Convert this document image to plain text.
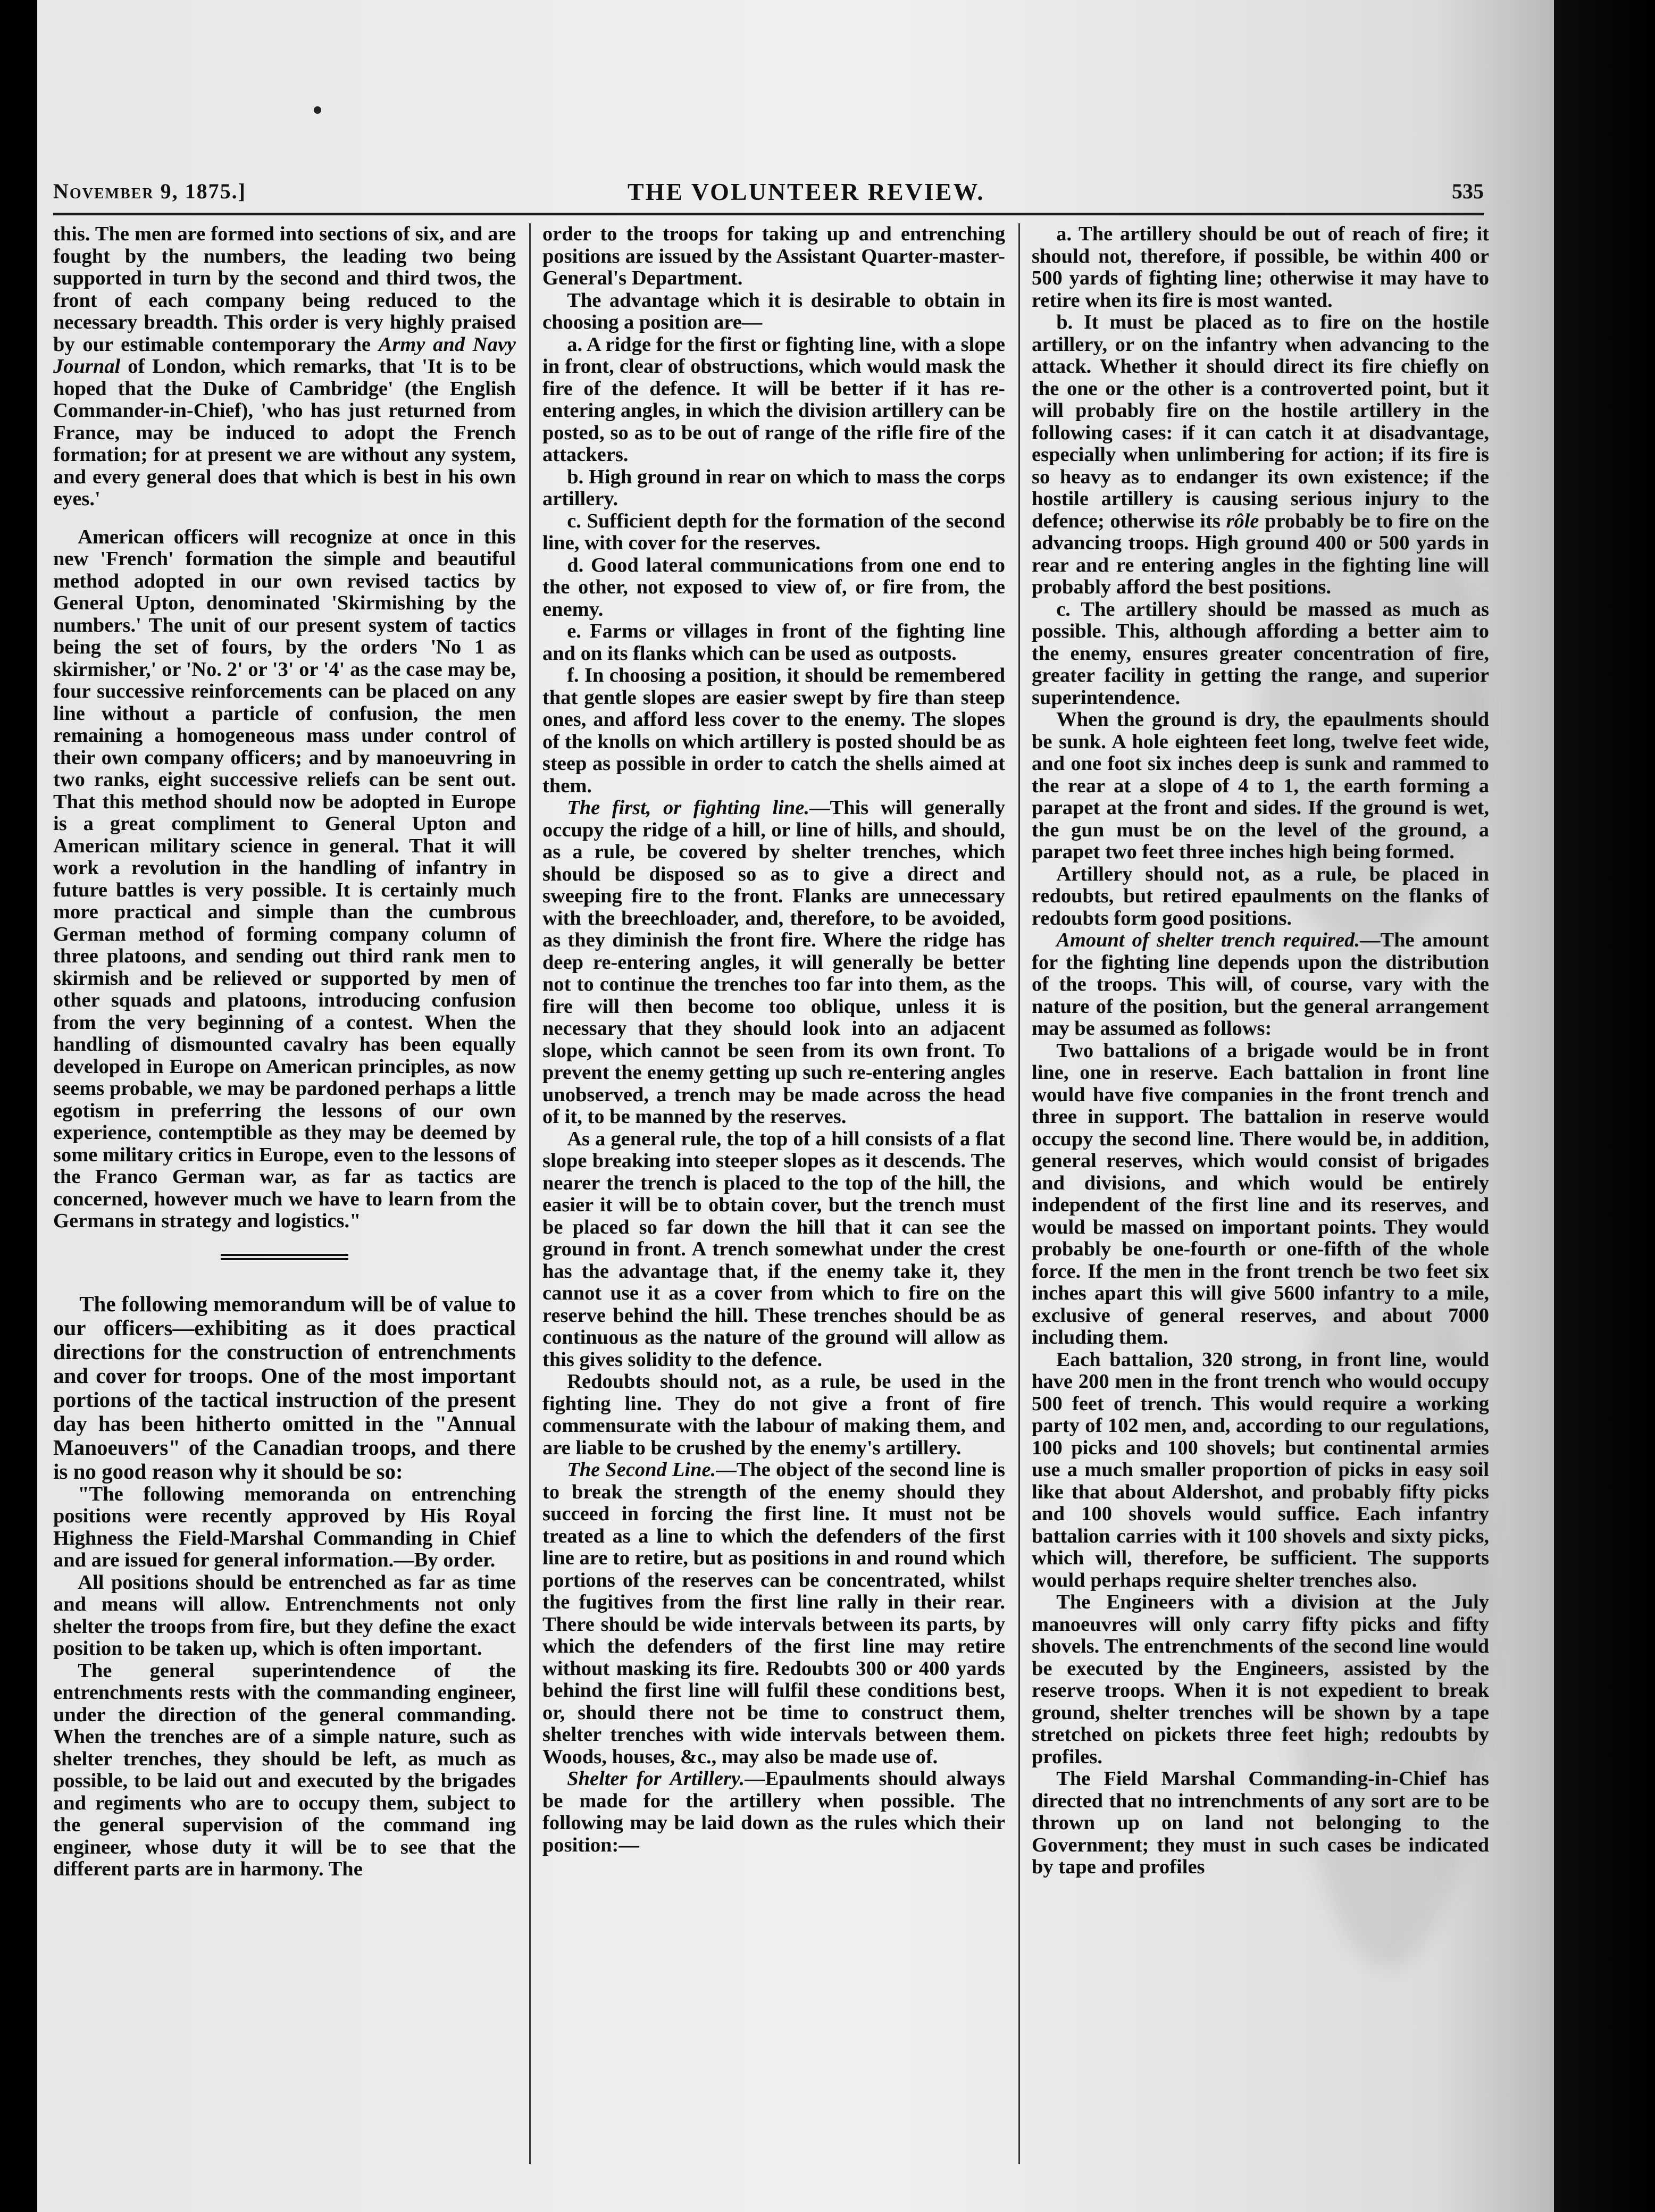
November 9, 1875.]	THE VOLUNTEER REVIEW.	535

this. The men are formed into sections of six, and are fought by the numbers, the leading two being supported in turn by the second and third twos, the front of each company being reduced to the necessary breadth. This order is very highly praised by our estimable contemporary the Army and Navy Journal of London, which remarks, that 'It is to be hoped that the Duke of Cambridge' (the English Commander-in-Chief), 'who has just returned from France, may be induced to adopt the French formation; for at present we are without any system, and every general does that which is best in his own eyes.'

American officers will recognize at once in this new 'French' formation the simple and beautiful method adopted in our own revised tactics by General Upton, denominated 'Skirmishing by the numbers.' The unit of our present system of tactics being the set of fours, by the orders 'No 1 as skirmisher,' or 'No. 2' or '3' or '4' as the case may be, four successive reinforcements can be placed on any line without a particle of confusion, the men remaining a homogeneous mass under control of their own company officers; and by manoeuvring in two ranks, eight successive reliefs can be sent out. That this method should now be adopted in Europe is a great compliment to General Upton and American military science in general. That it will work a revolution in the handling of infantry in future battles is very possible. It is certainly much more practical and simple than the cumbrous German method of forming company column of three platoons, and sending out third rank men to skirmish and be relieved or supported by men of other squads and platoons, introducing confusion from the very beginning of a contest. When the handling of dismounted cavalry has been equally developed in Europe on American principles, as now seems probable, we may be pardoned perhaps a little egotism in preferring the lessons of our own experience, contemptible as they may be deemed by some military critics in Europe, even to the lessons of the Franco German war, as far as tactics are concerned, however much we have to learn from the Germans in strategy and logistics."

The following memorandum will be of value to our officers—exhibiting as it does practical directions for the construction of entrenchments and cover for troops. One of the most important portions of the tactical instruction of the present day has been hitherto omitted in the "Annual Manoeuvers" of the Canadian troops, and there is no good reason why it should be so:

"The following memoranda on entrenching positions were recently approved by His Royal Highness the Field-Marshal Commanding in Chief and are issued for general information.—By order.

All positions should be entrenched as far as time and means will allow. Entrenchments not only shelter the troops from fire, but they define the exact position to be taken up, which is often important.

The general superintendence of the entrenchments rests with the commanding engineer, under the direction of the general commanding. When the trenches are of a simple nature, such as shelter trenches, they should be left, as much as possible, to be laid out and executed by the brigades and regiments who are to occupy them, subject to the general supervision of the command ing engineer, whose duty it will be to see that the different parts are in harmony. The

order to the troops for taking up and entrenching positions are issued by the Assistant Quarter-master-General's Department.

The advantage which it is desirable to obtain in choosing a position are—

a. A ridge for the first or fighting line, with a slope in front, clear of obstructions, which would mask the fire of the defence. It will be better if it has re-entering angles, in which the division artillery can be posted, so as to be out of range of the rifle fire of the attackers.

b. High ground in rear on which to mass the corps artillery.

c. Sufficient depth for the formation of the second line, with cover for the reserves.

d. Good lateral communications from one end to the other, not exposed to view of, or fire from, the enemy.

e. Farms or villages in front of the fighting line and on its flanks which can be used as outposts.

f. In choosing a position, it should be remembered that gentle slopes are easier swept by fire than steep ones, and afford less cover to the enemy. The slopes of the knolls on which artillery is posted should be as steep as possible in order to catch the shells aimed at them.

The first, or fighting line.—This will generally occupy the ridge of a hill, or line of hills, and should, as a rule, be covered by shelter trenches, which should be disposed so as to give a direct and sweeping fire to the front. Flanks are unnecessary with the breechloader, and, therefore, to be avoided, as they diminish the front fire. Where the ridge has deep re-entering angles, it will generally be better not to continue the trenches too far into them, as the fire will then become too oblique, unless it is necessary that they should look into an adjacent slope, which cannot be seen from its own front. To prevent the enemy getting up such re-entering angles unobserved, a trench may be made across the head of it, to be manned by the reserves.

As a general rule, the top of a hill consists of a flat slope breaking into steeper slopes as it descends. The nearer the trench is placed to the top of the hill, the easier it will be to obtain cover, but the trench must be placed so far down the hill that it can see the ground in front. A trench somewhat under the crest has the advantage that, if the enemy take it, they cannot use it as a cover from which to fire on the reserve behind the hill. These trenches should be as continuous as the nature of the ground will allow as this gives solidity to the defence.

Redoubts should not, as a rule, be used in the fighting line. They do not give a front of fire commensurate with the labour of making them, and are liable to be crushed by the enemy's artillery.

The Second Line.—The object of the second line is to break the strength of the enemy should they succeed in forcing the first line. It must not be treated as a line to which the defenders of the first line are to retire, but as positions in and round which portions of the reserves can be concentrated, whilst the fugitives from the first line rally in their rear. There should be wide intervals between its parts, by which the defenders of the first line may retire without masking its fire. Redoubts 300 or 400 yards behind the first line will fulfil these conditions best, or, should there not be time to construct them, shelter trenches with wide intervals between them. Woods, houses, &c., may also be made use of.

Shelter for Artillery.—Epaulments should always be made for the artillery when possible. The following may be laid down as the rules which their position:—

a. The artillery should be out of reach of fire; it should not, therefore, if possible, be within 400 or 500 yards of fighting line; otherwise it may have to retire when its fire is most wanted.

b. It must be placed as to fire on the hostile artillery, or on the infantry when advancing to the attack. Whether it should direct its fire chiefly on the one or the other is a controverted point, but it will probably fire on the hostile artillery in the following cases: if it can catch it at disadvantage, especially when unlimbering for action; if its fire is so heavy as to endanger its own existence; if the hostile artillery is causing serious injury to the defence; otherwise its rôle probably be to fire on the advancing troops. High ground 400 or 500 yards in rear and re entering angles in the fighting line will probably afford the best positions.

c. The artillery should be massed as much as possible. This, although affording a better aim to the enemy, ensures greater concentration of fire, greater facility in getting the range, and superior superintendence.

When the ground is dry, the epaulments should be sunk. A hole eighteen feet long, twelve feet wide, and one foot six inches deep is sunk and rammed to the rear at a slope of 4 to 1, the earth forming a parapet at the front and sides. If the ground is wet, the gun must be on the level of the ground, a parapet two feet three inches high being formed.

Artillery should not, as a rule, be placed in redoubts, but retired epaulments on the flanks of redoubts form good positions.

Amount of shelter trench required.—The amount for the fighting line depends upon the distribution of the troops. This will, of course, vary with the nature of the position, but the general arrangement may be assumed as follows:

Two battalions of a brigade would be in front line, one in reserve. Each battalion in front line would have five companies in the front trench and three in support. The battalion in reserve would occupy the second line. There would be, in addition, general reserves, which would consist of brigades and divisions, and which would be entirely independent of the first line and its reserves, and would be massed on important points. They would probably be one-fourth or one-fifth of the whole force. If the men in the front trench be two feet six inches apart this will give 5600 infantry to a mile, exclusive of general reserves, and about 7000 including them.

Each battalion, 320 strong, in front line, would have 200 men in the front trench who would occupy 500 feet of trench. This would require a working party of 102 men, and, according to our regulations, 100 picks and 100 shovels; but continental armies use a much smaller proportion of picks in easy soil like that about Aldershot, and probably fifty picks and 100 shovels would suffice. Each infantry battalion carries with it 100 shovels and sixty picks, which will, therefore, be sufficient. The supports would perhaps require shelter trenches also.

The Engineers with a division at the July manoeuvres will only carry fifty picks and fifty shovels. The entrenchments of the second line would be executed by the Engineers, assisted by the reserve troops. When it is not expedient to break ground, shelter trenches will be shown by a tape stretched on pickets three feet high; redoubts by profiles.

The Field Marshal Commanding-in-Chief has directed that no intrenchments of any sort are to be thrown up on land not belonging to the Government; they must in such cases be indicated by tape and profiles
